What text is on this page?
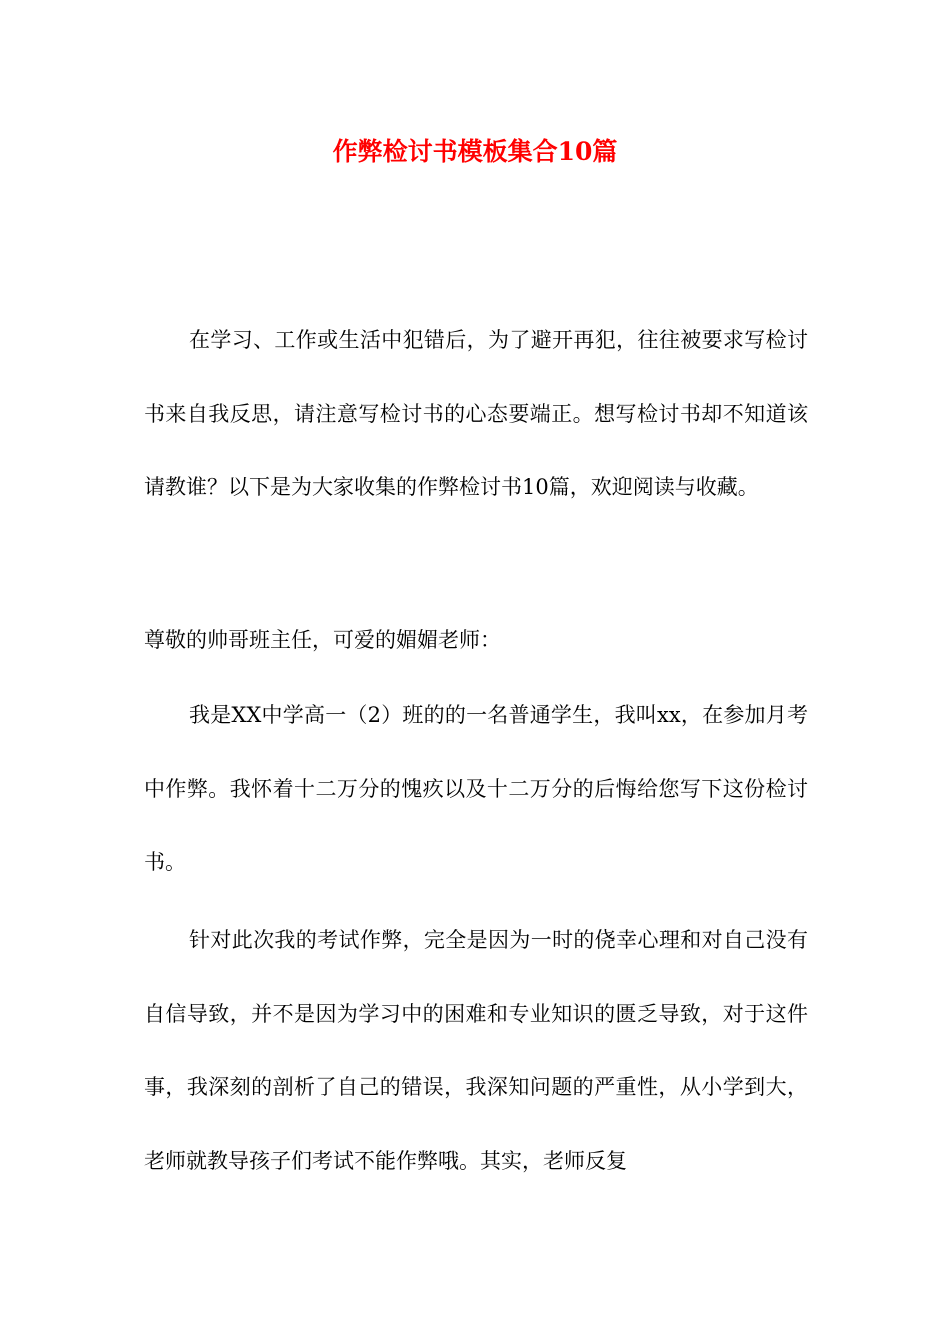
作弊检讨书模板集合10篇
在学习、工作或生活中犯错后，为了避开再犯，往往被要求写检讨书来自我反思，请注意写检讨书的心态要端正。想写检讨书却不知道该请教谁？以下是为大家收集的作弊检讨书10篇，欢迎阅读与收藏。
尊敬的帅哥班主任，可爱的媚媚老师：
我是XX中学高一（2）班的的一名普通学生，我叫xx，在参加月考中作弊。我怀着十二万分的愧疚以及十二万分的后悔给您写下这份检讨书。
针对此次我的考试作弊，完全是因为一时的侥幸心理和对自己没有自信导致，并不是因为学习中的困难和专业知识的匮乏导致，对于这件事，我深刻的剖析了自己的错误，我深知问题的严重性，从小学到大，老师就教导孩子们考试不能作弊哦。其实，老师反复
